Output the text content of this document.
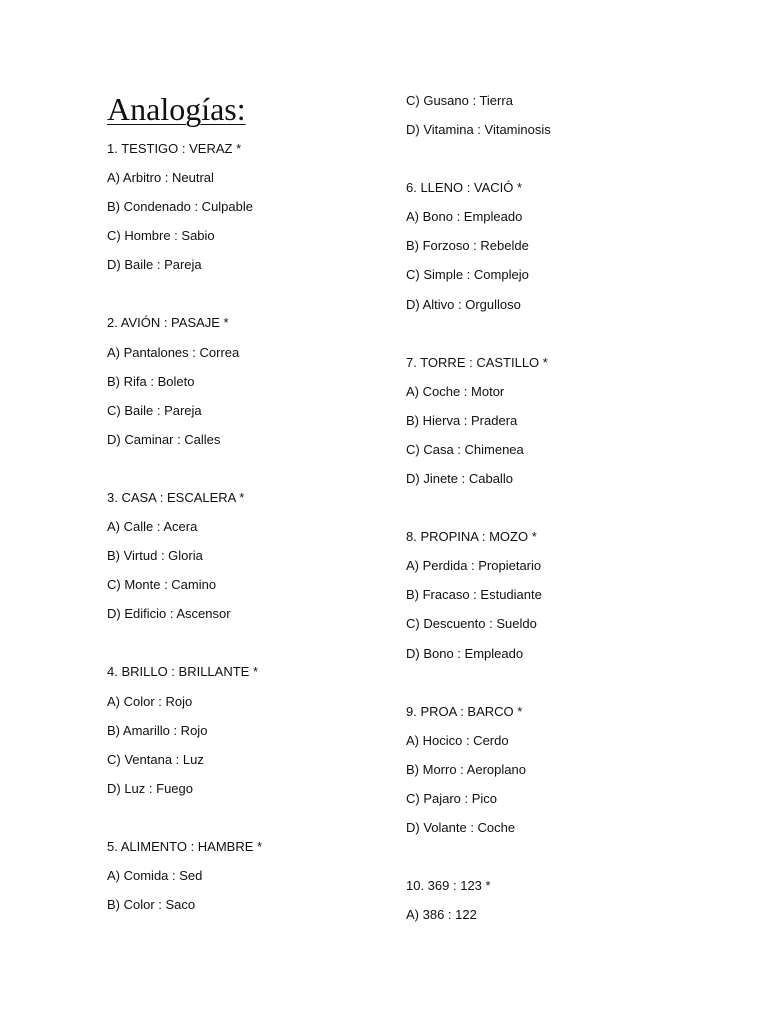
Analogías:
1. TESTIGO : VERAZ *
A) Arbitro : Neutral
B) Condenado : Culpable
C) Hombre : Sabio
D) Baile : Pareja
2. AVIÓN : PASAJE *
A) Pantalones : Correa
B) Rifa : Boleto
C) Baile : Pareja
D) Caminar : Calles
3. CASA : ESCALERA *
A) Calle : Acera
B) Virtud : Gloria
C) Monte : Camino
D) Edificio : Ascensor
4. BRILLO : BRILLANTE *
A) Color : Rojo
B) Amarillo : Rojo
C) Ventana : Luz
D) Luz : Fuego
5. ALIMENTO : HAMBRE *
A) Comida : Sed
B) Color : Saco
C) Gusano : Tierra
D) Vitamina : Vitaminosis
6. LLENO : VACIÓ *
A) Bono : Empleado
B) Forzoso : Rebelde
C) Simple : Complejo
D) Altivo : Orgulloso
7. TORRE : CASTILLO *
A) Coche : Motor
B) Hierva : Pradera
C) Casa : Chimenea
D) Jinete : Caballo
8. PROPINA : MOZO *
A) Perdida : Propietario
B) Fracaso : Estudiante
C) Descuento : Sueldo
D) Bono : Empleado
9. PROA : BARCO *
A) Hocico : Cerdo
B) Morro : Aeroplano
C) Pajaro : Pico
D) Volante : Coche
10. 369 : 123 *
A) 386 : 122
